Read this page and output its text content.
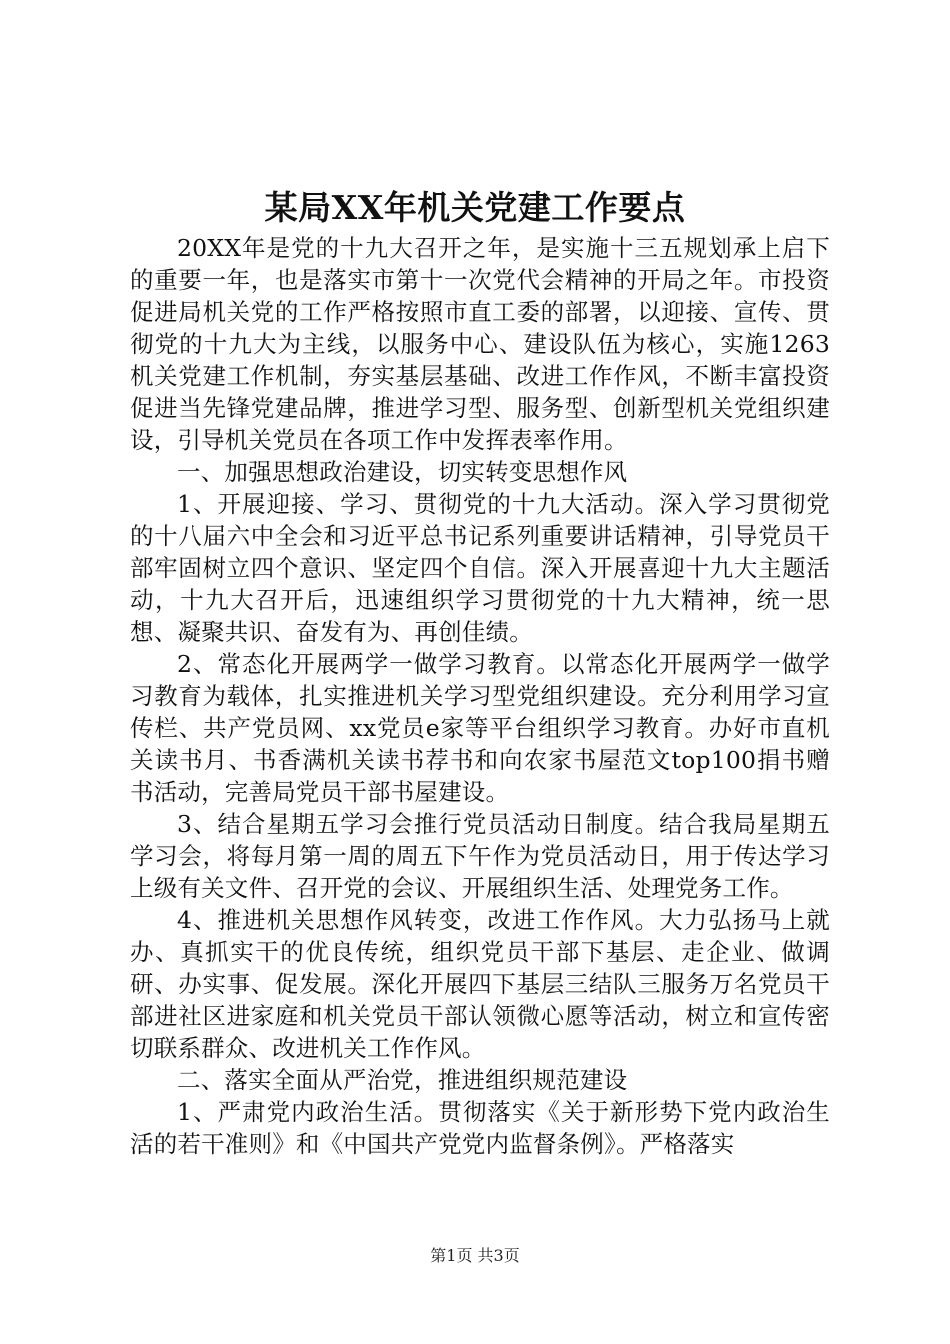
某局XX年机关党建工作要点

20XX年是党的十九大召开之年，是实施十三五规划承上启下的重要一年，也是落实市第十一次党代会精神的开局之年。市投资促进局机关党的工作严格按照市直工委的部署，以迎接、宣传、贯彻党的十九大为主线，以服务中心、建设队伍为核心，实施1263机关党建工作机制，夯实基层基础、改进工作作风，不断丰富投资促进当先锋党建品牌，推进学习型、服务型、创新型机关党组织建设，引导机关党员在各项工作中发挥表率作用。

一、加强思想政治建设，切实转变思想作风

1、开展迎接、学习、贯彻党的十九大活动。深入学习贯彻党的十八届六中全会和习近平总书记系列重要讲话精神，引导党员干部牢固树立四个意识、坚定四个自信。深入开展喜迎十九大主题活动，十九大召开后，迅速组织学习贯彻党的十九大精神，统一思想、凝聚共识、奋发有为、再创佳绩。

2、常态化开展两学一做学习教育。以常态化开展两学一做学习教育为载体，扎实推进机关学习型党组织建设。充分利用学习宣传栏、共产党员网、xx党员e家等平台组织学习教育。办好市直机关读书月、书香满机关读书荐书和向农家书屋范文top100捐书赠书活动，完善局党员干部书屋建设。

3、结合星期五学习会推行党员活动日制度。结合我局星期五学习会，将每月第一周的周五下午作为党员活动日，用于传达学习上级有关文件、召开党的会议、开展组织生活、处理党务工作。

4、推进机关思想作风转变，改进工作作风。大力弘扬马上就办、真抓实干的优良传统，组织党员干部下基层、走企业、做调研、办实事、促发展。深化开展四下基层三结队三服务万名党员干部进社区进家庭和机关党员干部认领微心愿等活动，树立和宣传密切联系群众、改进机关工作作风。

二、落实全面从严治党，推进组织规范建设

1、严肃党内政治生活。贯彻落实《关于新形势下党内政治生活的若干准则》和《中国共产党党内监督条例》。严格落实

第1页 共3页
